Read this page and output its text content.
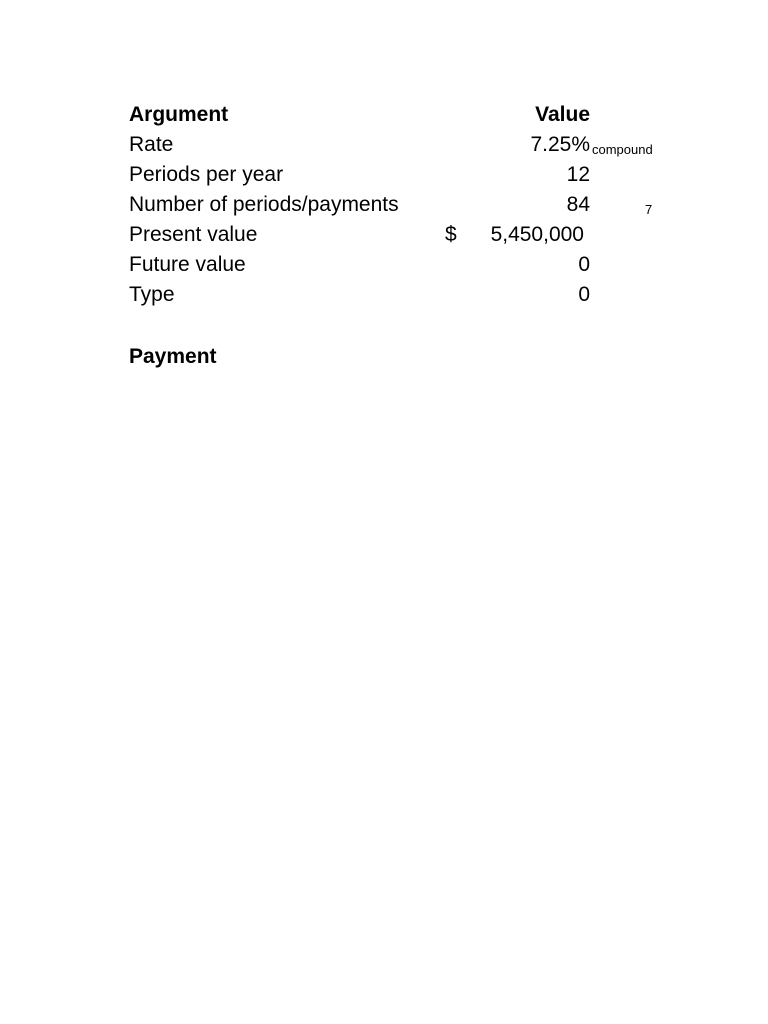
Argument	Value
Rate	7.25% compound
Periods per year	12
Number of periods/payments	84	7
Present value	$ 5,450,000
Future value	0
Type	0
Payment
